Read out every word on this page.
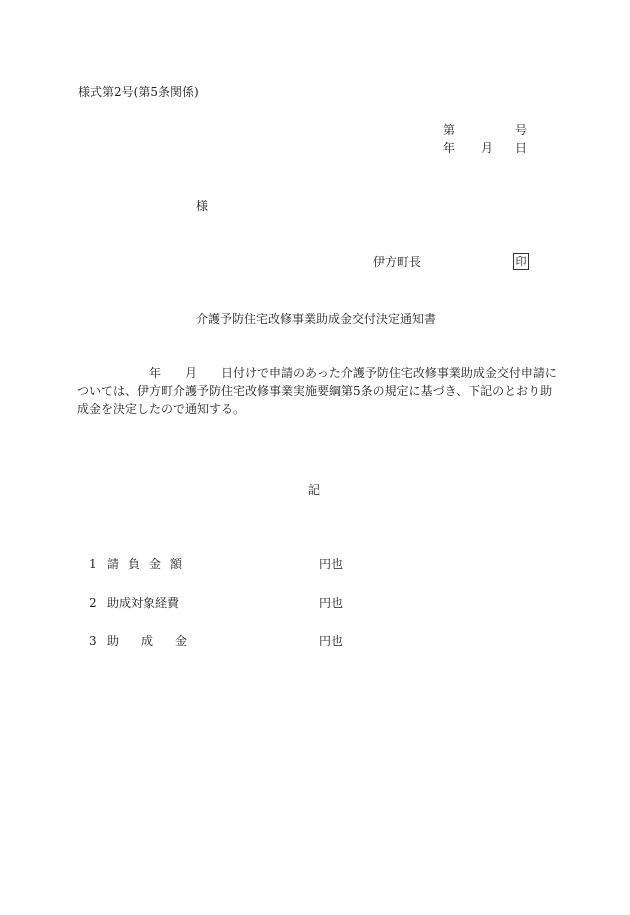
様式第2号(第5条関係)
第	号
年 月 日
様
伊方町長	印
介護予防住宅改修事業助成金交付決定通知書
年 月 日付けで申請のあった介護予防住宅改修事業助成金交付申請に
ついては、伊方町介護予防住宅改修事業実施要綱第5条の規定に基づき、下記のとおり助
成金を決定したので通知する。
記
1 請負金額	円也
2 助成対象経費	円也
3 助成金	円也
